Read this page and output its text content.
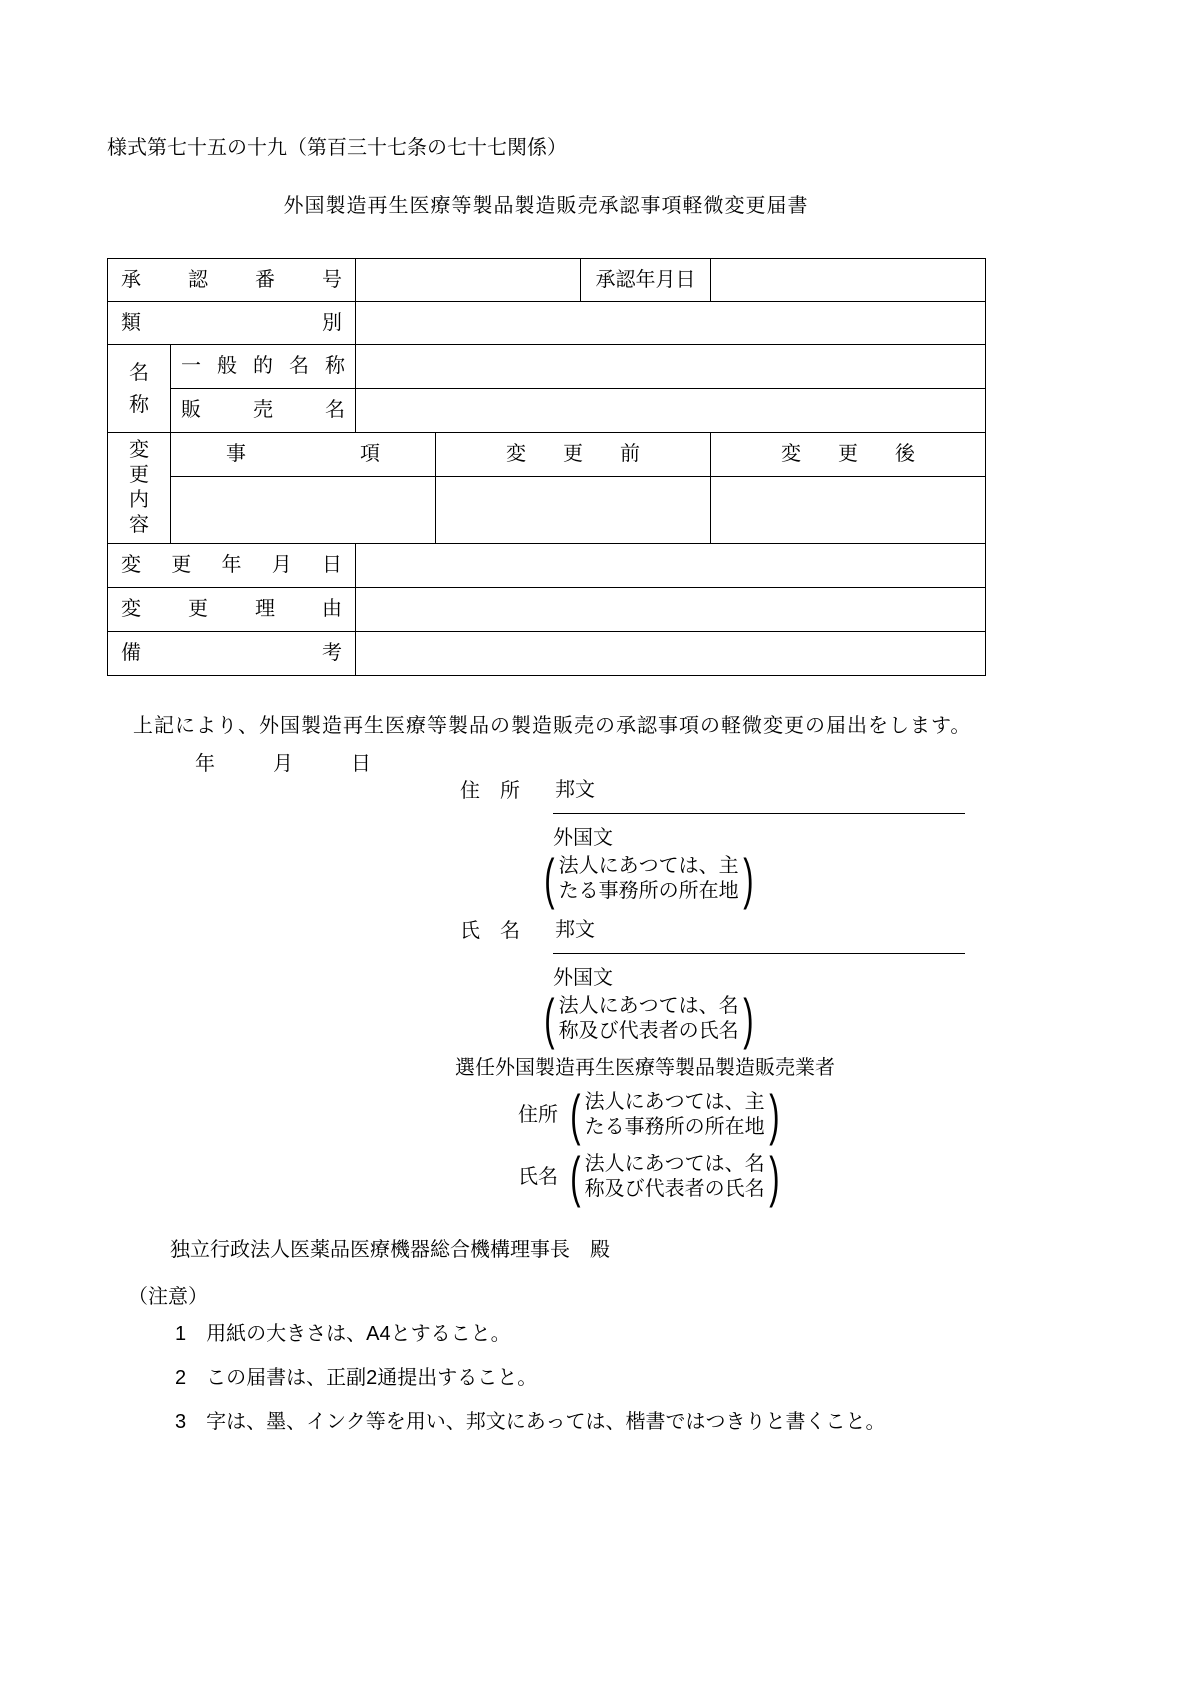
様式第七十五の十九（第百三十七条の七十七関係）
外国製造再生医療等製品製造販売承認事項軽微変更届書
承認番号				承認年月日	
類別					

名称	一般的名称				
	販売名				

変更内容	事項		変更前		変更後

変更年月日					
変更理由					
備考					
上記により、外国製造再生医療等製品の製造販売の承認事項の軽微変更の届出をします。
年　　月　　日
住　所	邦文
外国文
( 法人にあつては、主
たる事務所の所在地 )
氏　名	邦文
外国文
( 法人にあつては、名
称及び代表者の氏名 )
選任外国製造再生医療等製品製造販売業者
住所 ( 法人にあつては、主
たる事務所の所在地 )
氏名 ( 法人にあつては、名
称及び代表者の氏名 )
独立行政法人医薬品医療機器総合機構理事長　殿
（注意）
1　用紙の大きさは、A4とすること。
2　この届書は、正副2通提出すること。
3　字は、墨、インク等を用い、邦文にあっては、楷書ではつきりと書くこと。
